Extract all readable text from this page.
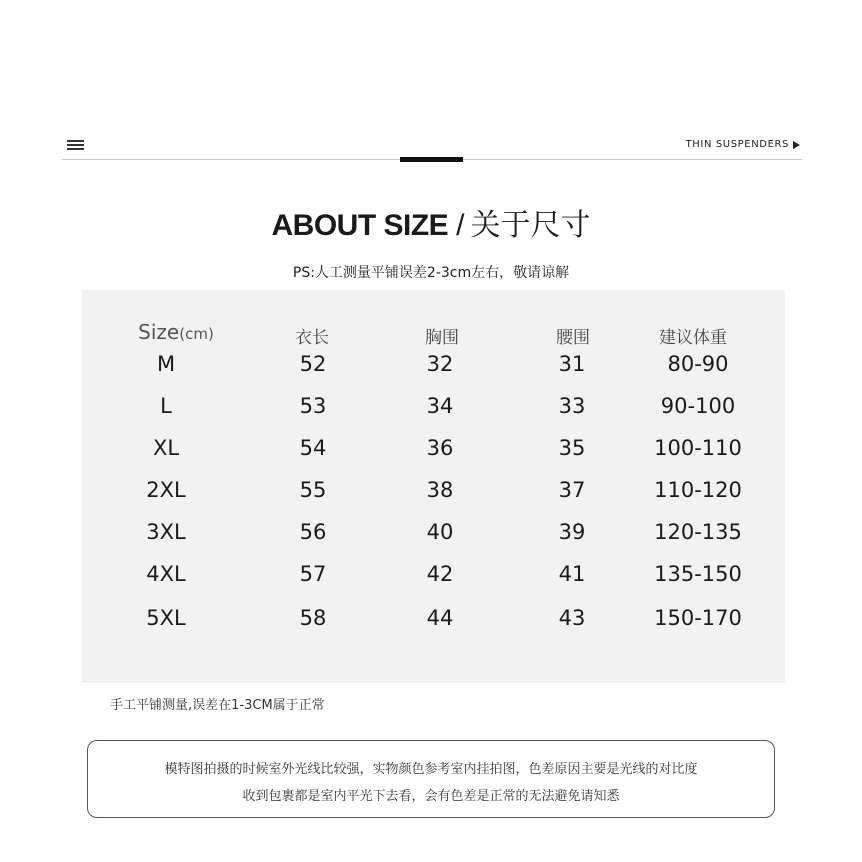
THIN SUSPENDERS
ABOUT SIZE / 关于尺寸
PS:人工测量平铺误差2-3cm左右，敬请谅解
Size(cm)	衣长	胸围	腰围	建议体重
M	52	32	31	80-90
L	53	34	33	90-100
XL	54	36	35	100-110
2XL	55	38	37	110-120
3XL	56	40	39	120-135
4XL	57	42	41	135-150
5XL	58	44	43	150-170
手工平铺测量,误差在1-3CM属于正常
模特图拍摄的时候室外光线比较强，实物颜色参考室内挂拍图，色差原因主要是光线的对比度
收到包裹都是室内平光下去看，会有色差是正常的无法避免请知悉
